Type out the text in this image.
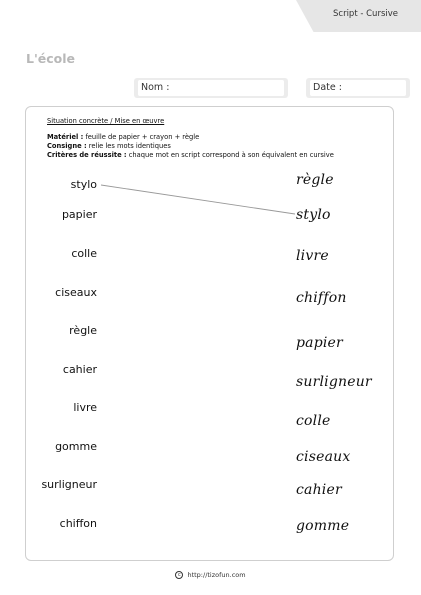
Script - Cursive
L'école
Nom :	Date :
Situation concrète / Mise en œuvre
Matériel : feuille de papier + crayon + règle
Consigne : relie les mots identiques
Critères de réussite : chaque mot en script correspond à son équivalent en cursive
stylo
papier
colle
ciseaux
règle
cahier
livre
gomme
surligneur
chiffon
règle
stylo
livre
chiffon
papier
surligneur
colle
ciseaux
cahier
gomme
c http://tizofun.com
